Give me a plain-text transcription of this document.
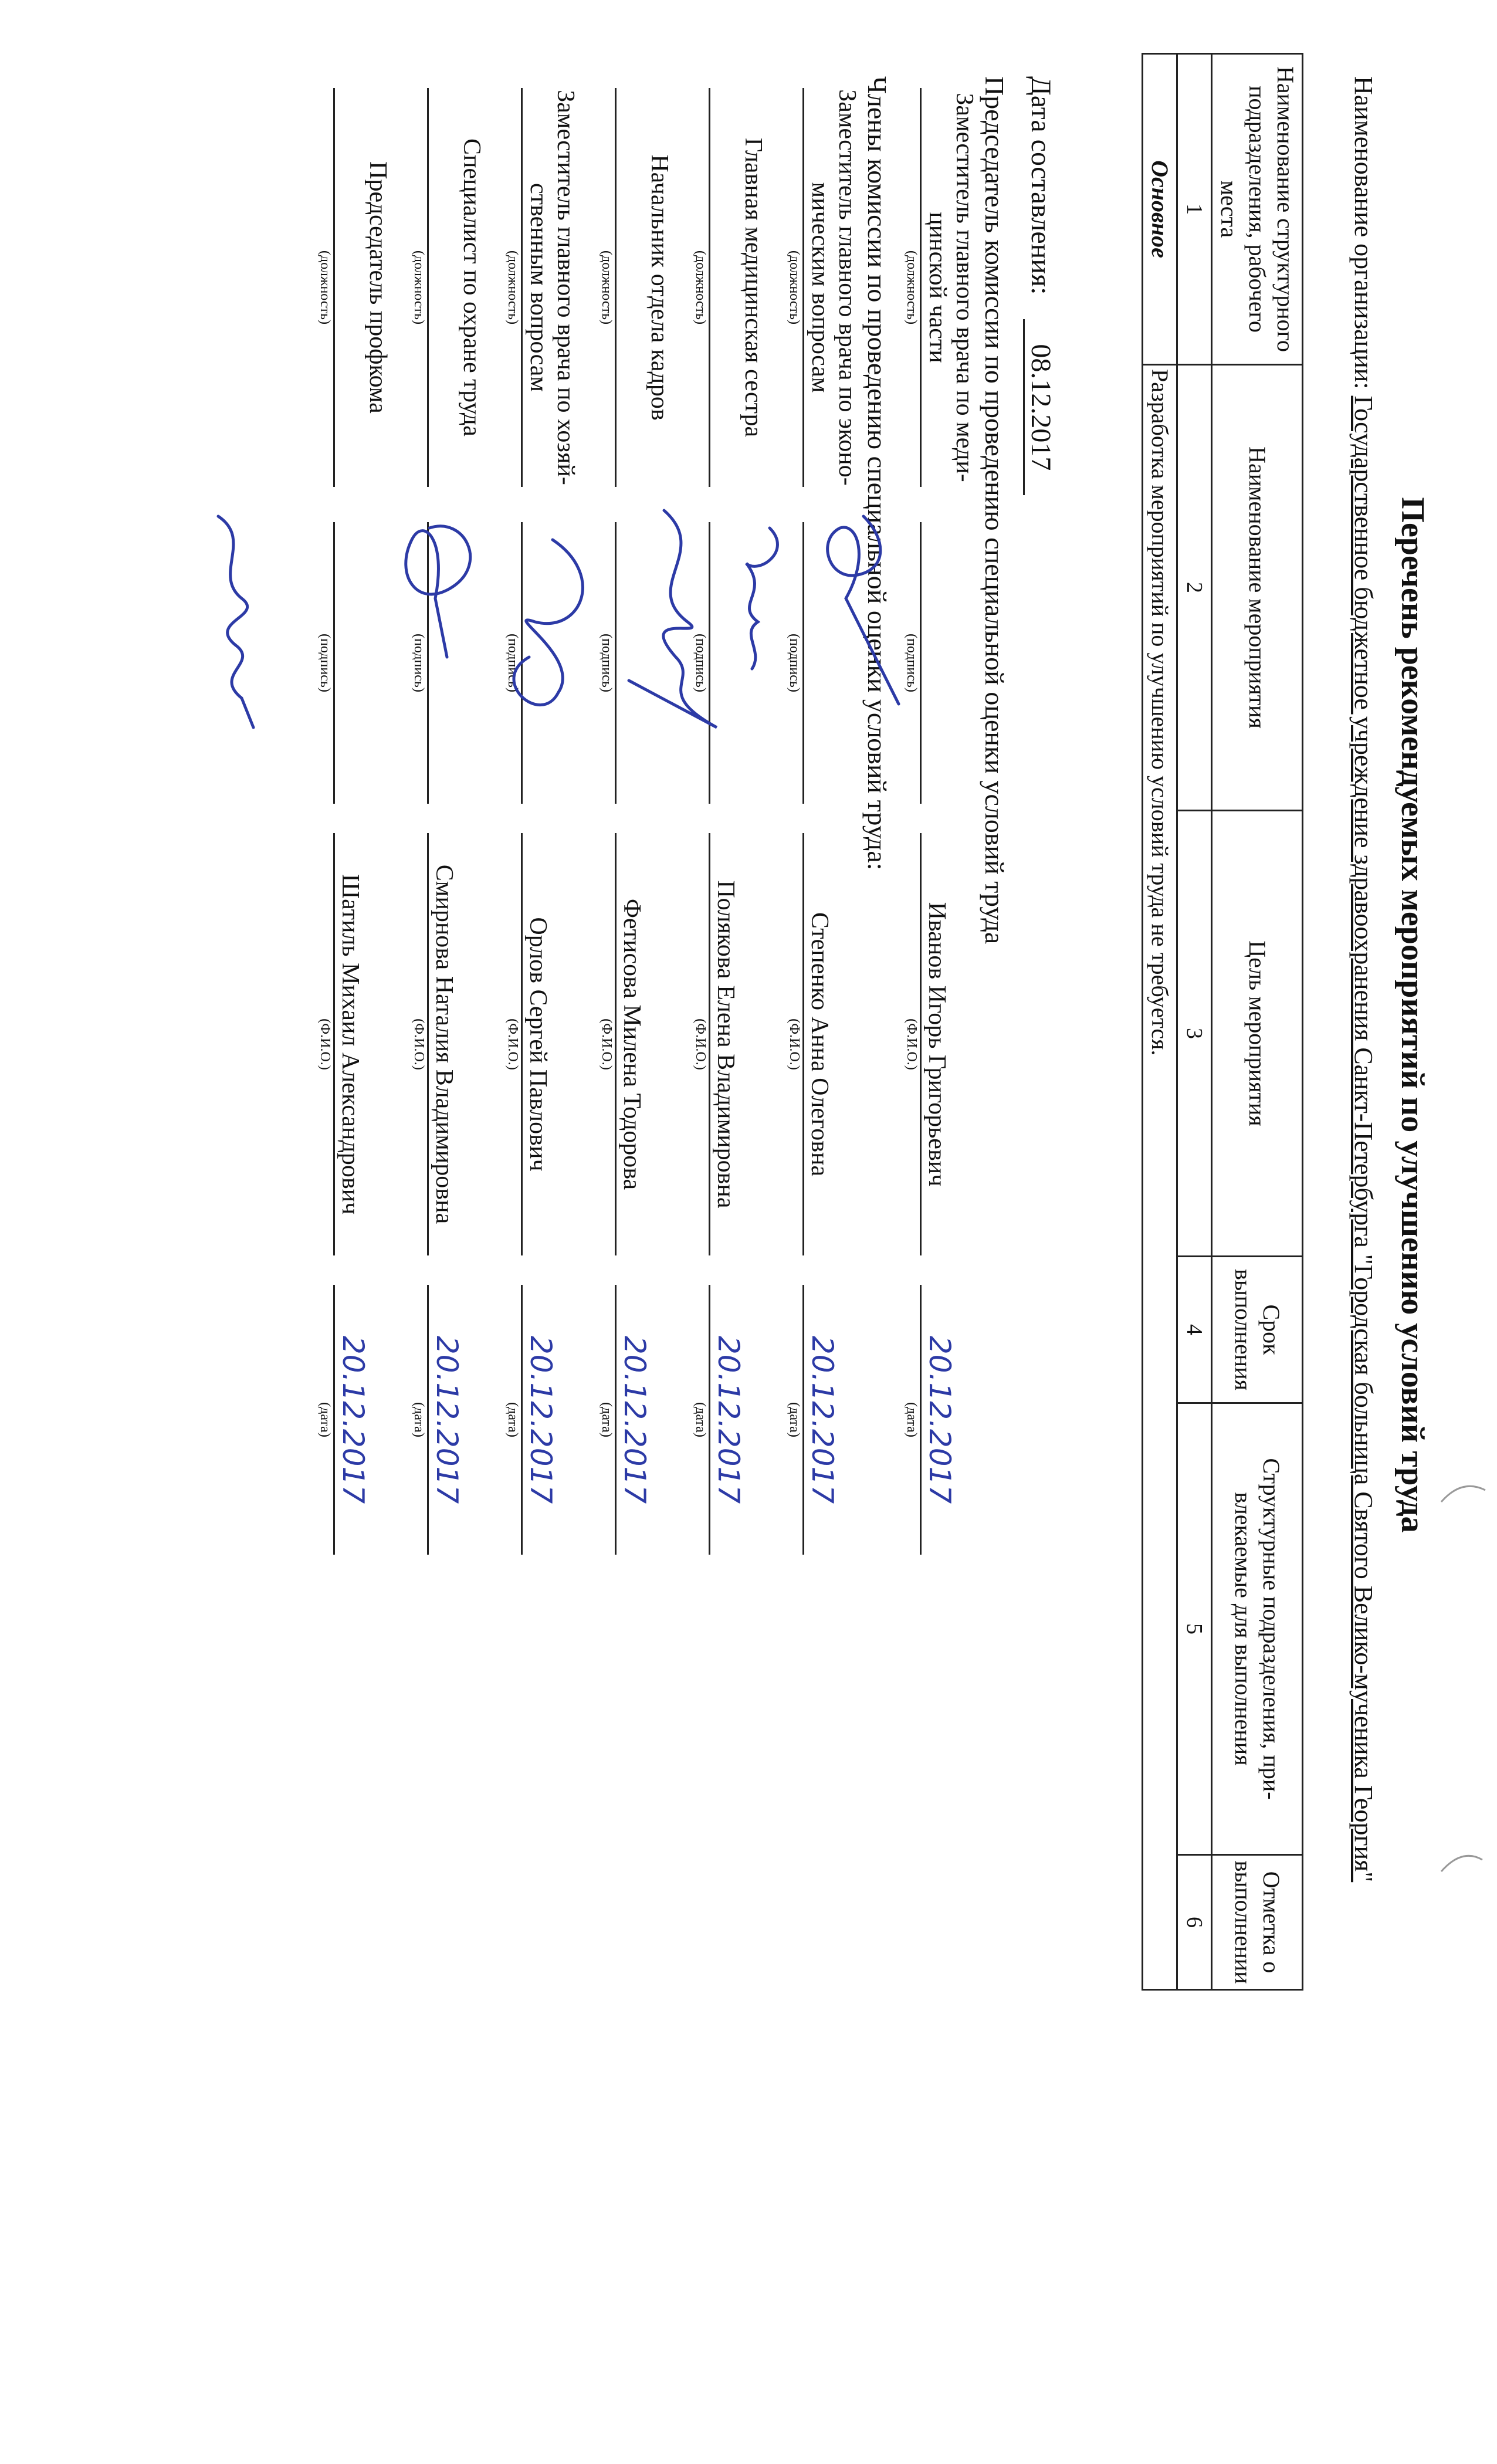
Перечень рекомендуемых мероприятий по улучшению условий труда
Наименование организации: Государственное бюджетное учреждение здравоохранения Санкт-Петербурга "Городская больница Святого Велико-мученика Георгия"
Наименование структурного подразделения, рабочего места	Наименование мероприятия	Цель мероприятия	Срок выполнения	Структурные подразделения, при-влекаемые для выполнения	Отметка о выполнении
1	2	3	4	5	6
Основное	Разработка мероприятий по улучшению условий труда не требуется.				
Дата составления: 08.12.2017
Председатель комиссии по проведению специальной оценки условий труда
Заместитель главного врача по меди-цинской части
(должность)
(подпись)
Иванов Игорь Григорьевич
(Ф.И.О.)
20.12.2017
(дата)
Члены комиссии по проведению специальной оценки условий труда:
Заместитель главного врача по эконо-мическим вопросам
(должность)
(подпись)
Степенко Анна Олеговна
(Ф.И.О.)
20.12.2017
(дата)
Главная медицинская сестра
(должность)
(подпись)
Полякова Елена Владимировна
(Ф.И.О.)
20.12.2017
(дата)
Начальник отдела кадров
(должность)
(подпись)
Фетисова Милена Тодорова
(Ф.И.О.)
20.12.2017
(дата)
Заместитель главного врача по хозяй-ственным вопросам
(должность)
(подпись)
Орлов Сергей Павлович
(Ф.И.О.)
20.12.2017
(дата)
Специалист по охране труда
(должность)
(подпись)
Смирнова Наталия Владимировна
(Ф.И.О.)
20.12.2017
(дата)
Председатель профкома
(должность)
(подпись)
Шатиль Михаил Александрович
(Ф.И.О.)
20.12.2017
(дата)
